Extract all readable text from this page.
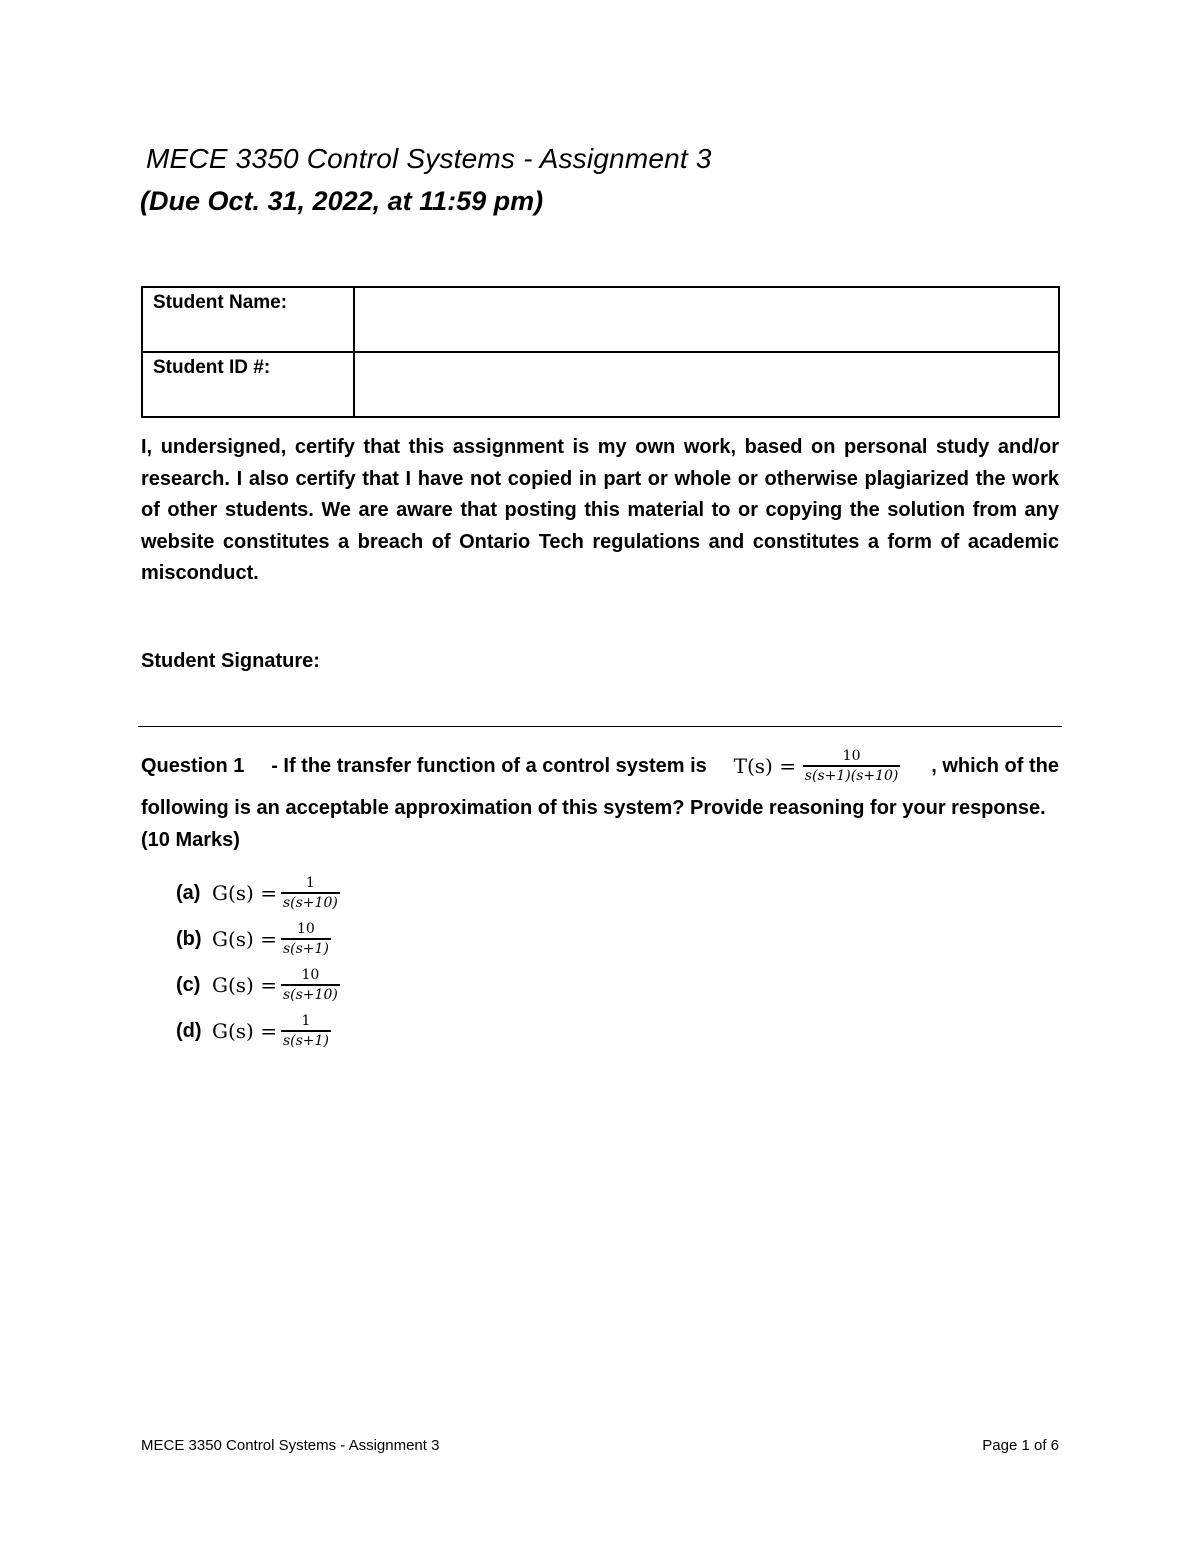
MECE 3350 Control Systems - Assignment 3
(Due Oct. 31, 2022, at 11:59 pm)
Student Name:	
Student ID #:	
I, undersigned, certify that this assignment is my own work, based on personal study and/or research. I also certify that I have not copied in part or whole or otherwise plagiarized the work of other students. We are aware that posting this material to or copying the solution from any website constitutes a breach of Ontario Tech regulations and constitutes a form of academic misconduct.
Student Signature:
Question 1 - If the transfer function of a control system is $T(s) = \frac{10}{s(s+1)(s+10)}$ , which of the
following is an acceptable approximation of this system? Provide reasoning for your response. (10 Marks)
(a) $G(s) = \frac{1}{s(s+10)}$
(b) $G(s) = \frac{10}{s(s+1)}$
(c) $G(s) = \frac{10}{s(s+10)}$
(d) $G(s) = \frac{1}{s(s+1)}$
MECE 3350 Control Systems - Assignment 3	Page 1 of 6
